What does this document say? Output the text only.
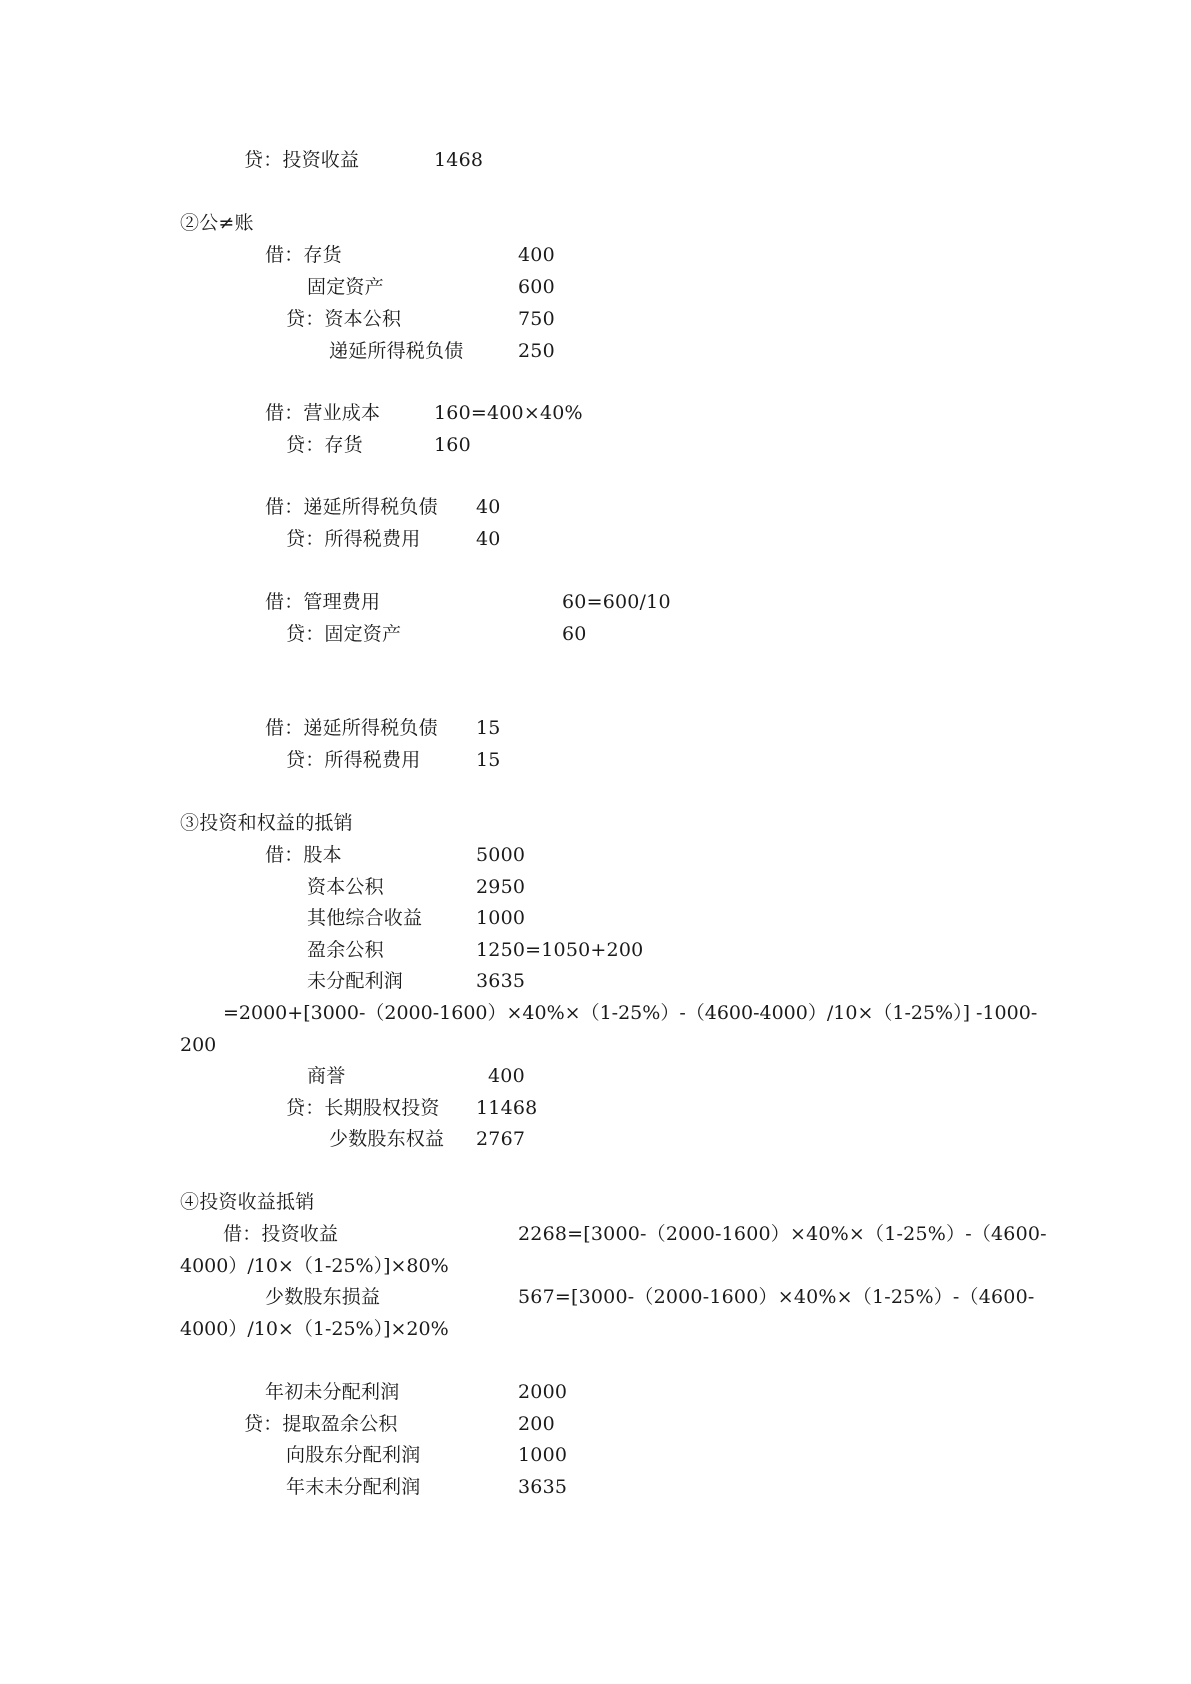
贷：投资收益	1468
②公≠账
借：存货	400
固定资产	600
贷：资本公积	750
递延所得税负债	250
借：营业成本	160=400×40%
贷：存货	160
借：递延所得税负债 40
贷：所得税费用	40
借：管理费用	60=600/10
贷：固定资产	60
借：递延所得税负债 15
贷：所得税费用	15
③投资和权益的抵销
借：股本	5000
资本公积	2950
其他综合收益	1000
盈余公积	1250=1050+200
未分配利润	3635
=2000+[3000-（2000-1600）×40%×（1-25%）-（4600-4000）/10×（1-25%）] -1000-
200
商誉	400
贷：长期股权投资 11468
少数股东权益 2767
④投资收益抵销
借：投资收益	2268=[3000-（2000-1600）×40%×（1-25%）-（4600-
4000）/10×（1-25%）]×80%
少数股东损益	567=[3000-（2000-1600）×40%×（1-25%）-（4600-
4000）/10×（1-25%）]×20%
年初未分配利润	2000
贷：提取盈余公积	200
向股东分配利润	1000
年末未分配利润	3635
